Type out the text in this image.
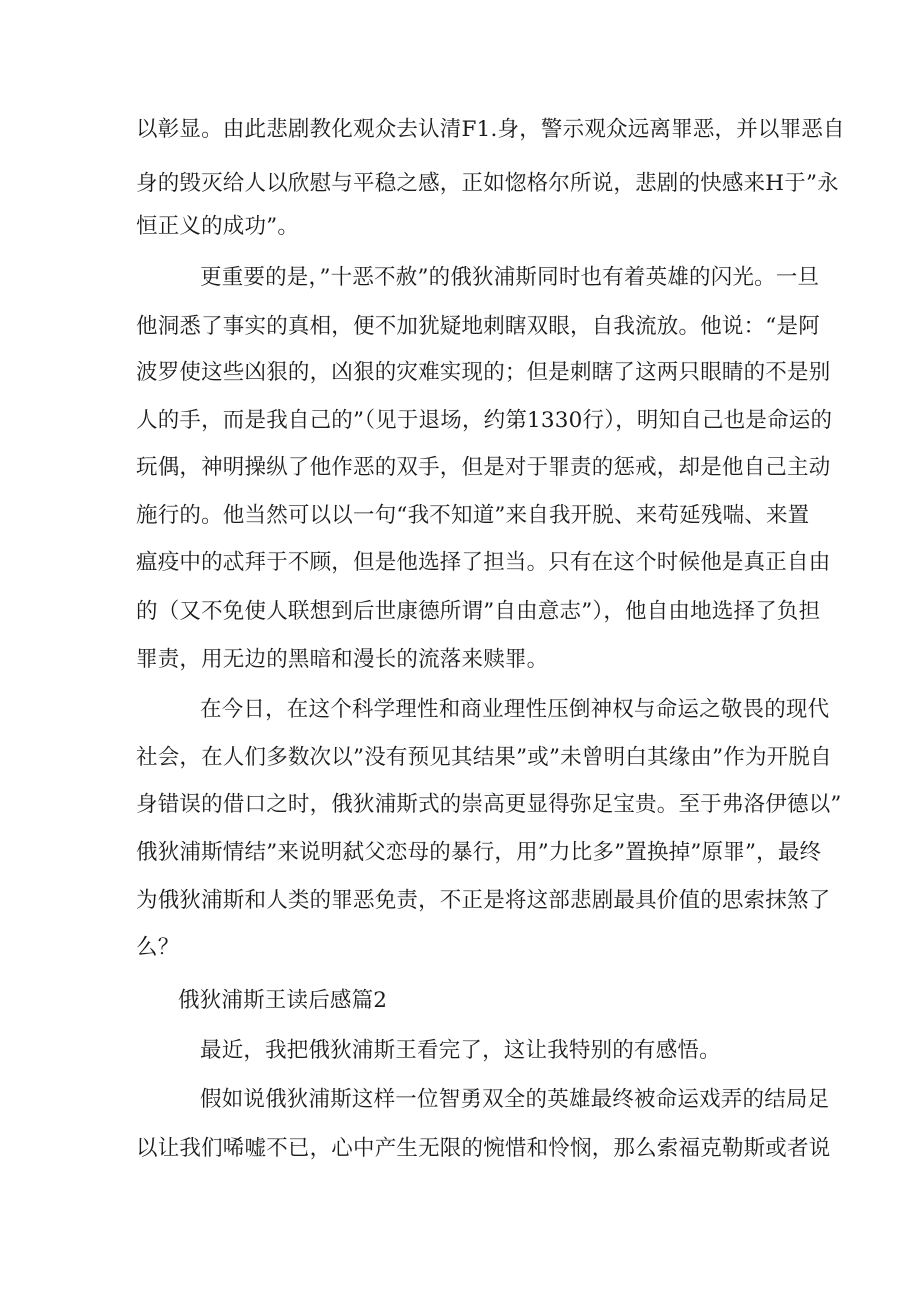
以彰显。由此悲剧教化观众去认清F1.身，警示观众远离罪恶，并以罪恶自
身的毁灭给人以欣慰与平稳之感，正如惚格尔所说，悲剧的快感来H于”永
恒正义的成功”。
更重要的是，”十恶不赦”的俄狄浦斯同时也有着英雄的闪光。一旦
他洞悉了事实的真相，便不加犹疑地刺瞎双眼，自我流放。他说：“是阿
波罗使这些凶狠的，凶狠的灾难实现的；但是刺瞎了这两只眼睛的不是别
人的手，而是我自己的”（见于退场，约第1330行），明知自己也是命运的
玩偶，神明操纵了他作恶的双手，但是对于罪责的惩戒，却是他自己主动
施行的。他当然可以以一句“我不知道”来自我开脱、来苟延残喘、来置
瘟疫中的忒拜于不顾，但是他选择了担当。只有在这个时候他是真正自由
的（又不免使人联想到后世康德所谓”自由意志”），他自由地选择了负担
罪责，用无边的黑暗和漫长的流落来赎罪。
在今日，在这个科学理性和商业理性压倒神权与命运之敬畏的现代
社会，在人们多数次以”没有预见其结果”或”未曾明白其缘由”作为开脱自
身错误的借口之时，俄狄浦斯式的崇高更显得弥足宝贵。至于弗洛伊德以”
俄狄浦斯情结”来说明弑父恋母的暴行，用”力比多”置换掉”原罪”，最终
为俄狄浦斯和人类的罪恶免责，不正是将这部悲剧最具价值的思索抹煞了
么？
俄狄浦斯王读后感篇2
最近，我把俄狄浦斯王看完了，这让我特别的有感悟。
假如说俄狄浦斯这样一位智勇双全的英雄最终被命运戏弄的结局足
以让我们唏嘘不已，心中产生无限的惋惜和怜悯，那么索福克勒斯或者说
